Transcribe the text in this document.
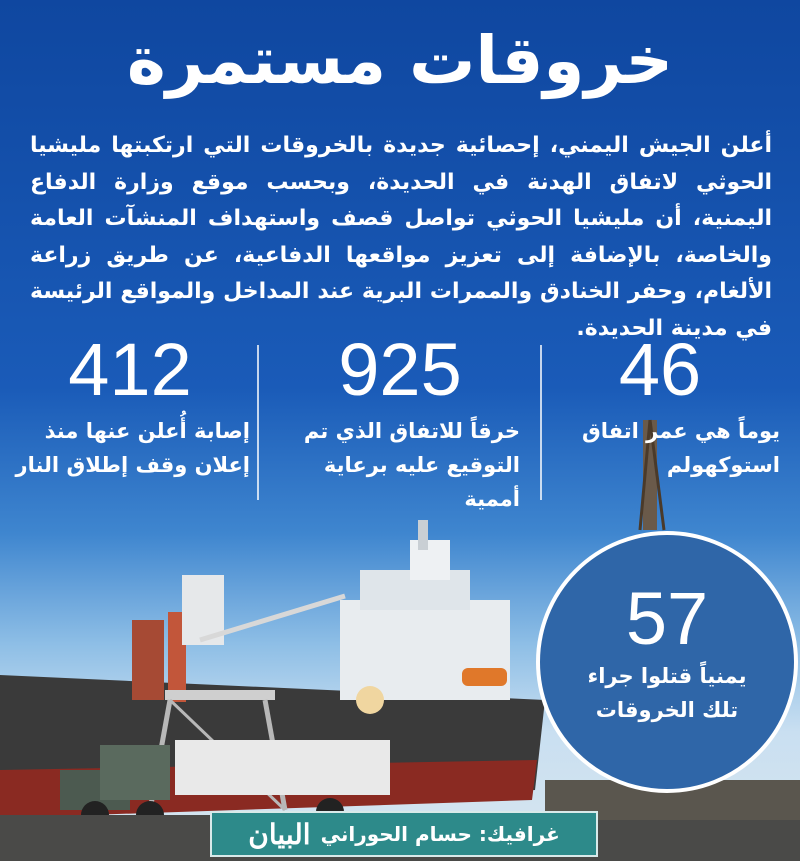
خروقات مستمرة

أعلن الجيش اليمني، إحصائية جديدة بالخروقات التي ارتكبتها مليشيا الحوثي لاتفاق الهدنة في الحديدة، وبحسب موقع وزارة الدفاع اليمنية، أن مليشيا الحوثي تواصل قصف واستهداف المنشآت العامة والخاصة، بالإضافة إلى تعزيز مواقعها الدفاعية، عن طريق زراعة الألغام، وحفر الخنادق والممرات البرية عند المداخل والمواقع الرئيسة في مدينة الحديدة.

46
يوماً هي عمر اتفاق استوكهولم
925
خرقاً للاتفاق الذي تم التوقيع عليه برعاية أممية
412
إصابة أُعلن عنها منذ إعلان وقف إطلاق النار
57
يمنياً قتلوا جراء تلك الخروقات
غرافيك: حسام الحوراني
البيان
